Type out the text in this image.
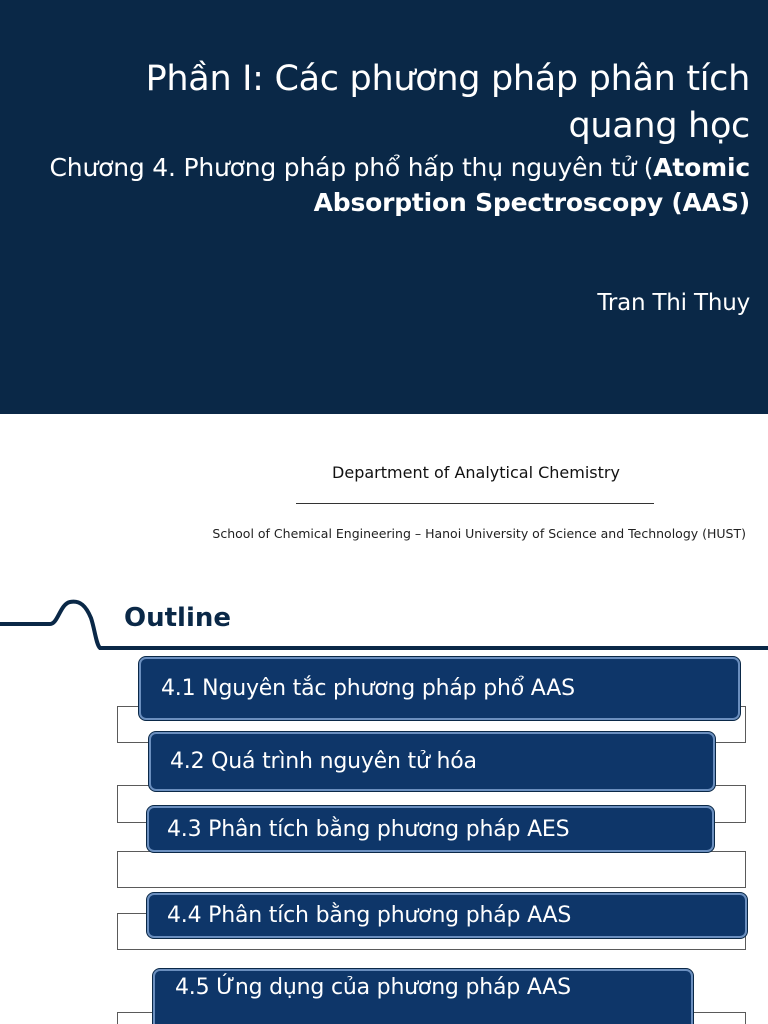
Phần I: Các phương pháp phân tích quang học
Chương 4. Phương pháp phổ hấp thụ nguyên tử (Atomic Absorption Spectroscopy (AAS)
Tran Thi Thuy
Department of Analytical Chemistry
School of Chemical Engineering – Hanoi University of Science and Technology (HUST)
Outline
4.1 Nguyên tắc phương pháp phổ AAS
4.2 Quá trình nguyên tử hóa
4.3 Phân tích bằng phương pháp AES
4.4 Phân tích bằng phương pháp AAS
4.5 Ứng dụng của phương pháp AAS
